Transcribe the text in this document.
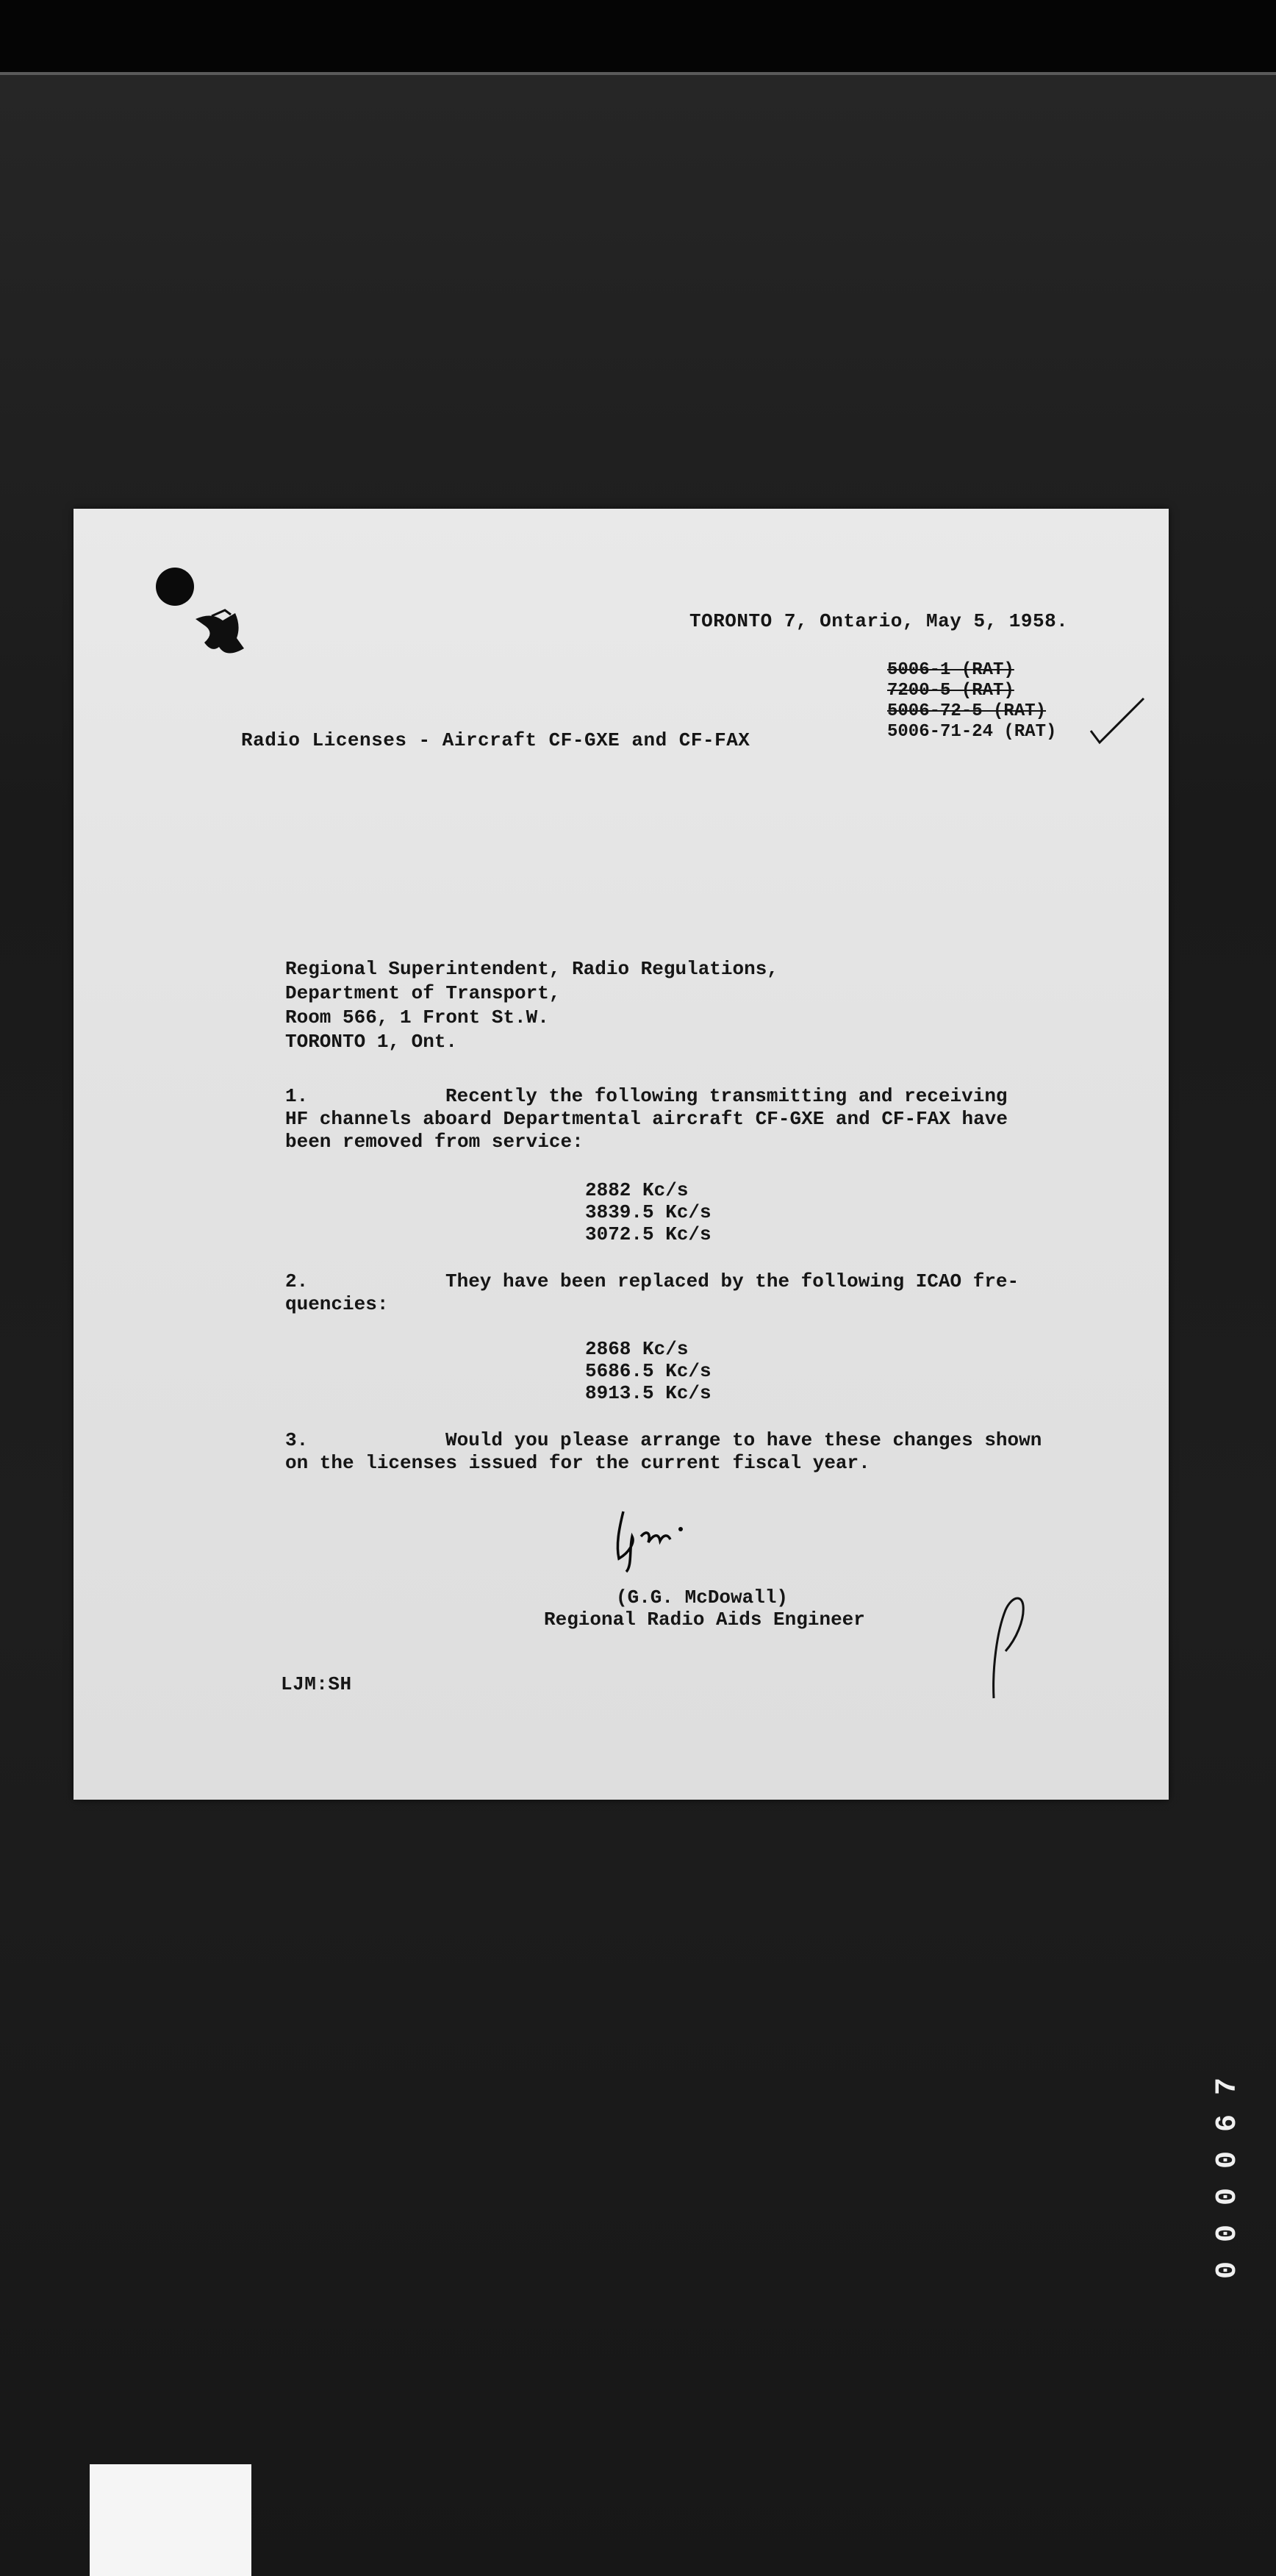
TORONTO 7, Ontario, May 5, 1958.
5006-1 (RAT)
7200-5 (RAT)
5006-72-5 (RAT)
5006-71-24 (RAT)
Radio Licenses - Aircraft CF-GXE and CF-FAX
Regional Superintendent, Radio Regulations,
Department of Transport,
Room 566, 1 Front St.W.
TORONTO 1, Ont.
1.	Recently the following transmitting and receiving
HF channels aboard Departmental aircraft CF-GXE and CF-FAX have
been removed from service:
2882 Kc/s
3839.5 Kc/s
3072.5 Kc/s
2.	They have been replaced by the following ICAO fre-
quencies:
2868 Kc/s
5686.5 Kc/s
8913.5 Kc/s
3.	Would you please arrange to have these changes shown
on the licenses issued for the current fiscal year.
(G.G. McDowall)
Regional Radio Aids Engineer
LJM:SH
000067
